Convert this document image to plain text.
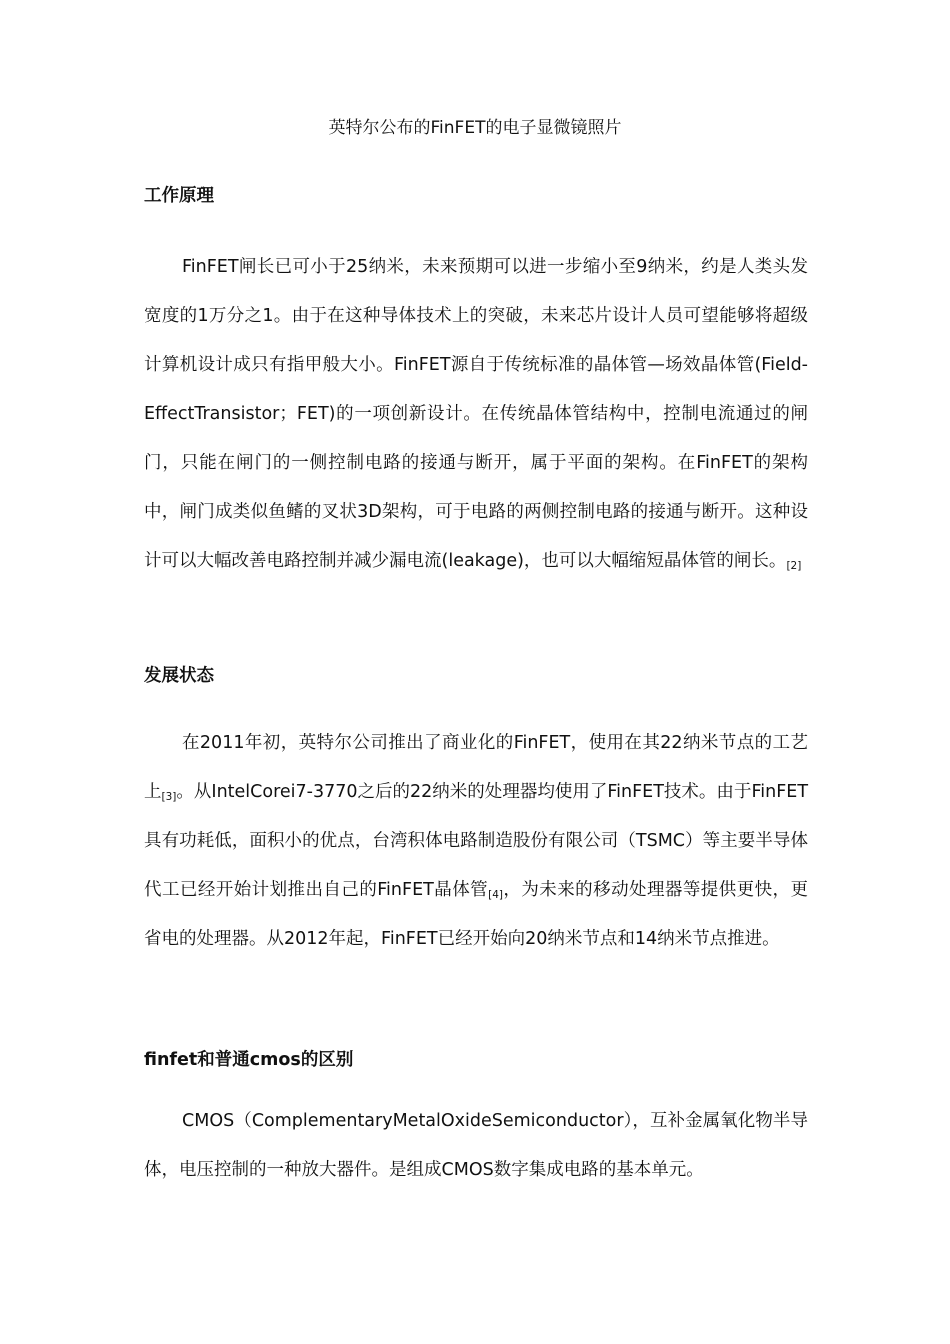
英特尔公布的FinFET的电子显微镜照片
工作原理

FinFET闸长已可小于25纳米，未来预期可以进一步缩小至9纳米，约是人类头发宽度的1万分之1。由于在这种导体技术上的突破，未来芯片设计人员可望能够将超级计算机设计成只有指甲般大小。FinFET源自于传统标准的晶体管—场效晶体管(Field-EffectTransistor；FET)的一项创新设计。在传统晶体管结构中，控制电流通过的闸门，只能在闸门的一侧控制电路的接通与断开，属于平面的架构。在FinFET的架构中，闸门成类似鱼鳍的叉状3D架构，可于电路的两侧控制电路的接通与断开。这种设计可以大幅改善电路控制并减少漏电流(leakage)，也可以大幅缩短晶体管的闸长。[2]

发展状态

在2011年初，英特尔公司推出了商业化的FinFET，使用在其22纳米节点的工艺上[3]。从IntelCorei7-3770之后的22纳米的处理器均使用了FinFET技术。由于FinFET具有功耗低，面积小的优点，台湾积体电路制造股份有限公司（TSMC）等主要半导体代工已经开始计划推出自己的FinFET晶体管[4]，为未来的移动处理器等提供更快，更省电的处理器。从2012年起，FinFET已经开始向20纳米节点和14纳米节点推进。

finfet和普通cmos的区别

CMOS（ComplementaryMetalOxideSemiconductor），互补金属氧化物半导体，电压控制的一种放大器件。是组成CMOS数字集成电路的基本单元。
